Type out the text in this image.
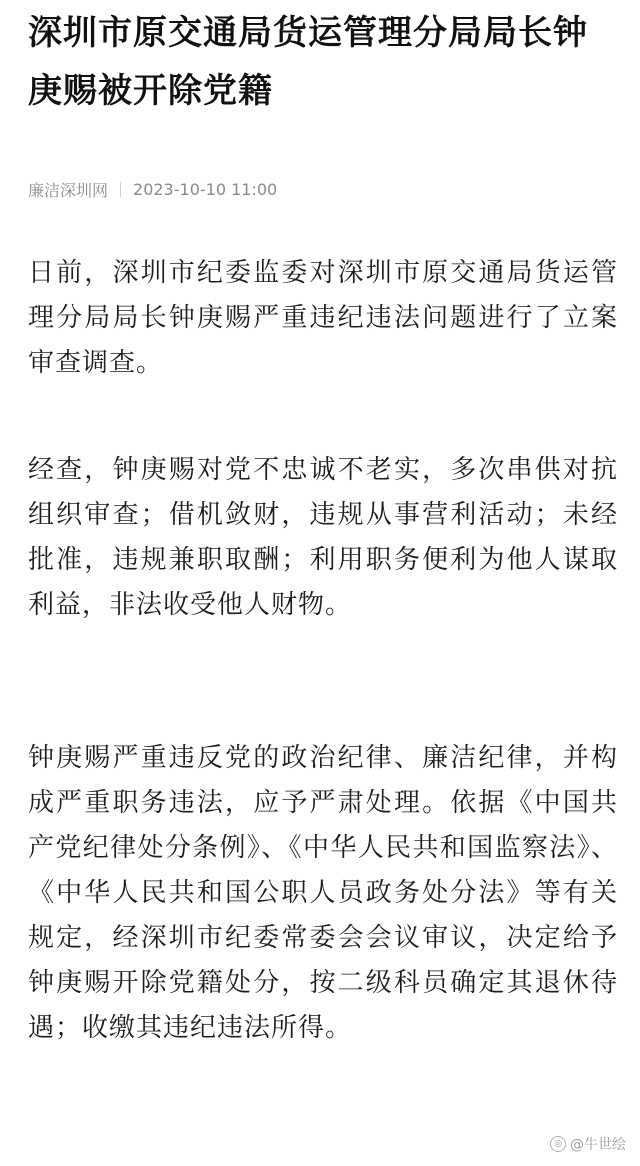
深圳市原交通局货运管理分局局长钟庚赐被开除党籍
廉洁深圳网 2023-10-10 11:00

日前，深圳市纪委监委对深圳市原交通局货运管理分局局长钟庚赐严重违纪违法问题进行了立案审查调查。

经查，钟庚赐对党不忠诚不老实，多次串供对抗组织审查；借机敛财，违规从事营利活动；未经批准，违规兼职取酬；利用职务便利为他人谋取利益，非法收受他人财物。

钟庚赐严重违反党的政治纪律、廉洁纪律，并构成严重职务违法，应予严肃处理。依据《中国共产党纪律处分条例》、《中华人民共和国监察法》、《中华人民共和国公职人员政务处分法》等有关规定，经深圳市纪委常委会会议审议，决定给予钟庚赐开除党籍处分，按二级科员确定其退休待遇；收缴其违纪违法所得。

◎ @牛世绘
